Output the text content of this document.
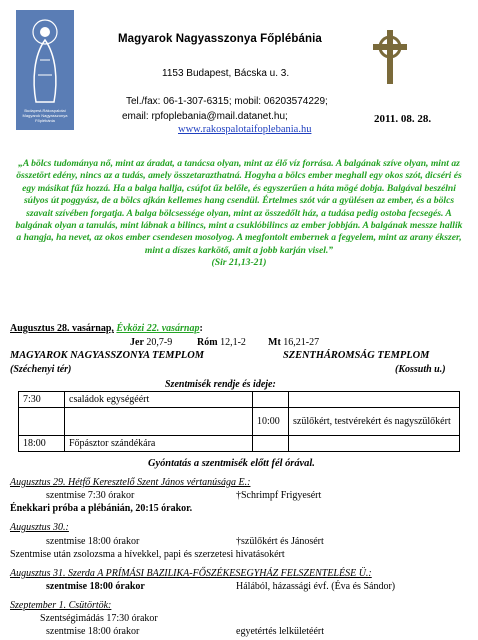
Budapest-Rákospalotai
Magyarok Nagyasszonya
Főplébánia
Magyarok Nagyasszonya Főplébánia
1153 Budapest, Bácska u. 3.
Tel./fax: 06-1-307-6315; mobil: 06203574229;
email: rpfoplebania@mail.datanet.hu;
www.rakospalotaifoplebania.hu
2011. 08. 28.
„A bölcs tudománya nő, mint az áradat, a tanácsa olyan, mint az élő víz forrása. A balgának szíve olyan, mint az összetört edény, nincs az a tudás, amely összetarazthatná. Hogyha a bölcs ember meghall egy okos szót, dicséri és egy másikat fűz hozzá. Ha a balga hallja, csúfot űz belőle, és egyszerűen a háta mögé dobja. Balgával beszélni súlyos út poggyász, de a bölcs ajkán kellemes hang csendül. Értelmes szót vár a gyülésen az ember, és a bölcs szavait szívében forgatja. A balga bölcsessége olyan, mint az összedőlt ház, a tudása pedig ostoba fecsegés. A balgának olyan a tanulás, mint lábnak a bilincs, mint a csuklóbilincs az ember jobbján. A balgának messze hallik a hangja, ha nevet, az okos ember csendesen mosolyog. A megfontolt embernek a fegyelem, mint az arany ékszer, mint a díszes karkötő, amit a jobb karján visel.”
(Sir 21,13-21)
Augusztus 28. vasárnap, Évközi 22. vasárnap:
Jer 20,7-9 Róm 12,1-2 Mt 16,21-27
MAGYAROK NAGYASSZONYA TEMPLOM	SZENTHÁROMSÁG TEMPLOM
(Széchenyi tér)	(Kossuth u.)
Szentmisék rendje és ideje:
7:30	családok egységéért		
		10:00	szülőkért, testvérekért és nagyszülőkért
18:00	Főpásztor szándékára		
Gyóntatás a szentmisék előtt fél órával.
Augusztus 29. Hétfő Keresztelő Szent János vértanúsága E.:
szentmise 7:30 órakor	†Schrimpf Frigyesért
Énekkari próba a plébánián, 20:15 órakor.
Augusztus 30.:
szentmise 18:00 órakor	†szülőkért és Jánosért
Szentmise után zsolozsma a hívekkel, papi és szerzetesi hivatásokért
Augusztus 31. Szerda A PRÍMÁSI BAZILIKA-FŐSZÉKESEGYHÁZ FELSZENTELÉSE Ü.:
szentmise 18:00 órakor	Hálából, házassági évf. (Éva és Sándor)
Szeptember 1. Csütörtök:
Szentségimádás 17:30 órakor
szentmise 18:00 órakor	egyetértés lelkületéért
